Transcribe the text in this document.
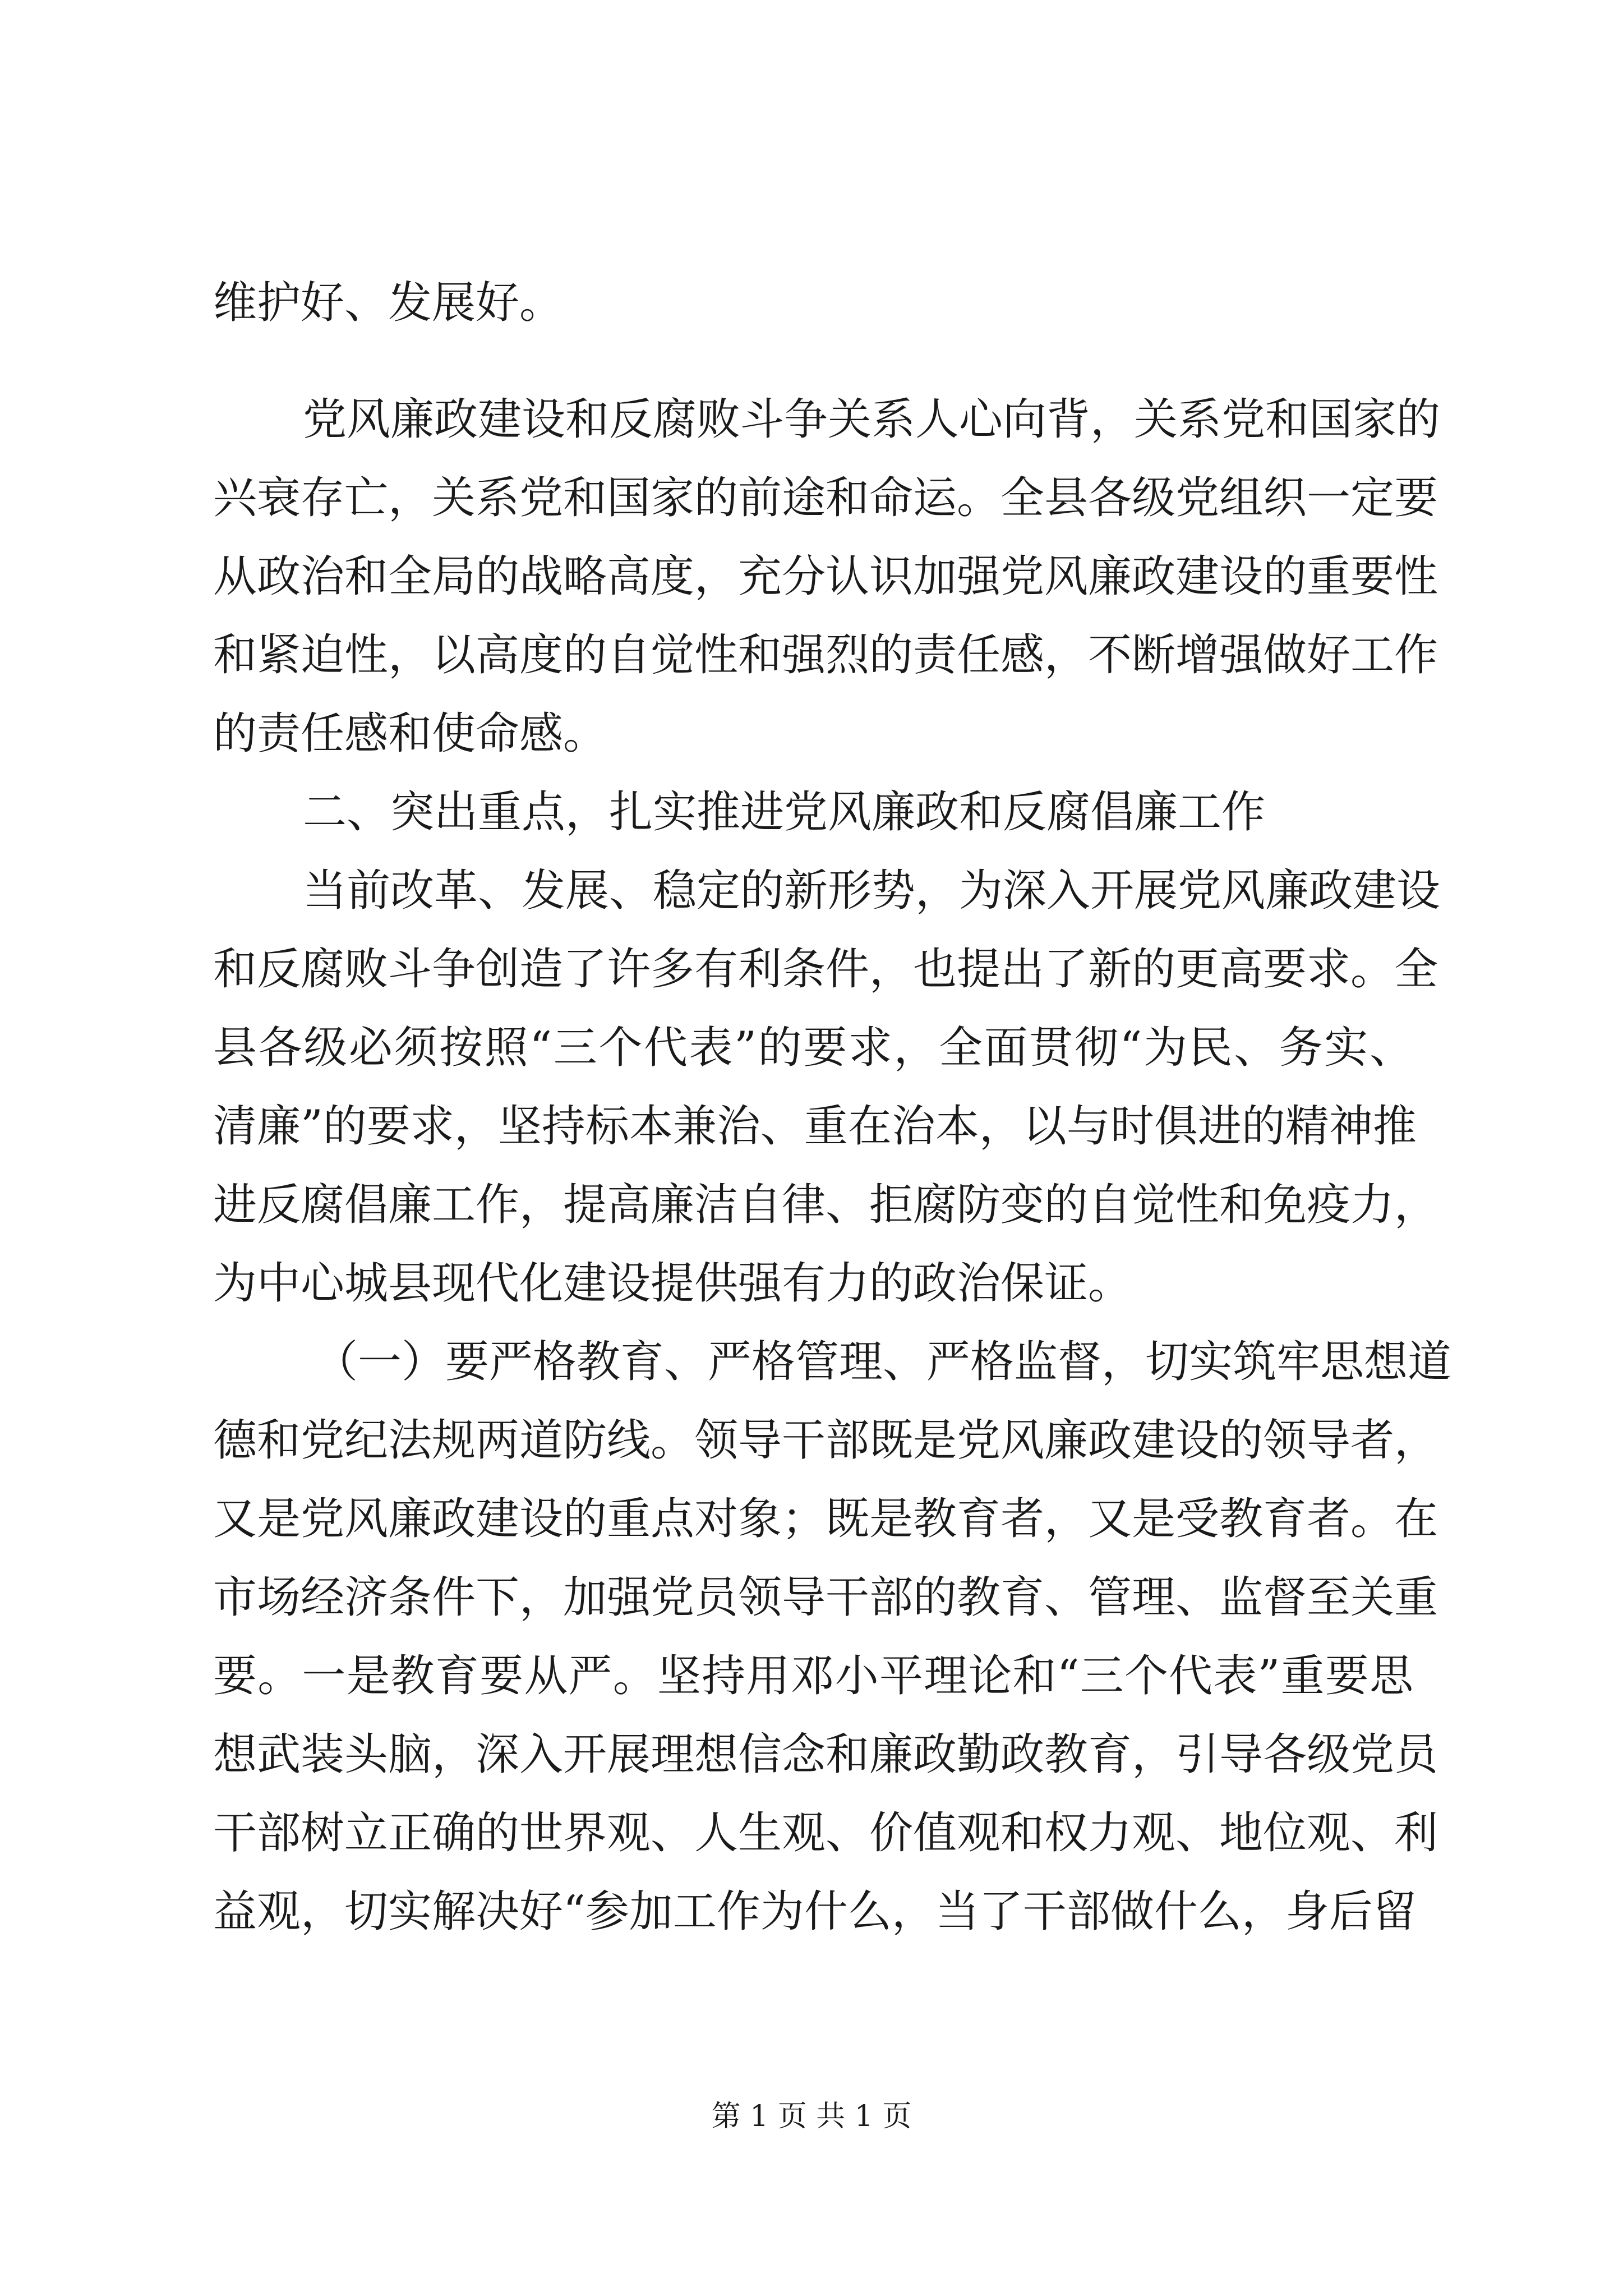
维护好、发展好。
党风廉政建设和反腐败斗争关系人心向背，关系党和国家的
兴衰存亡，关系党和国家的前途和命运。全县各级党组织一定要
从政治和全局的战略高度，充分认识加强党风廉政建设的重要性
和紧迫性，以高度的自觉性和强烈的责任感，不断增强做好工作
的责任感和使命感。
二、突出重点，扎实推进党风廉政和反腐倡廉工作
当前改革、发展、稳定的新形势，为深入开展党风廉政建设
和反腐败斗争创造了许多有利条件，也提出了新的更高要求。全
县各级必须按照“三个代表”的要求，全面贯彻“为民、务实、
清廉”的要求，坚持标本兼治、重在治本，以与时俱进的精神推
进反腐倡廉工作，提高廉洁自律、拒腐防变的自觉性和免疫力，
为中心城县现代化建设提供强有力的政治保证。
（一）要严格教育、严格管理、严格监督，切实筑牢思想道
德和党纪法规两道防线。领导干部既是党风廉政建设的领导者，
又是党风廉政建设的重点对象；既是教育者，又是受教育者。在
市场经济条件下，加强党员领导干部的教育、管理、监督至关重
要。一是教育要从严。坚持用邓小平理论和“三个代表”重要思
想武装头脑，深入开展理想信念和廉政勤政教育，引导各级党员
干部树立正确的世界观、人生观、价值观和权力观、地位观、利
益观，切实解决好“参加工作为什么，当了干部做什么，身后留
第 1 页 共 1 页
